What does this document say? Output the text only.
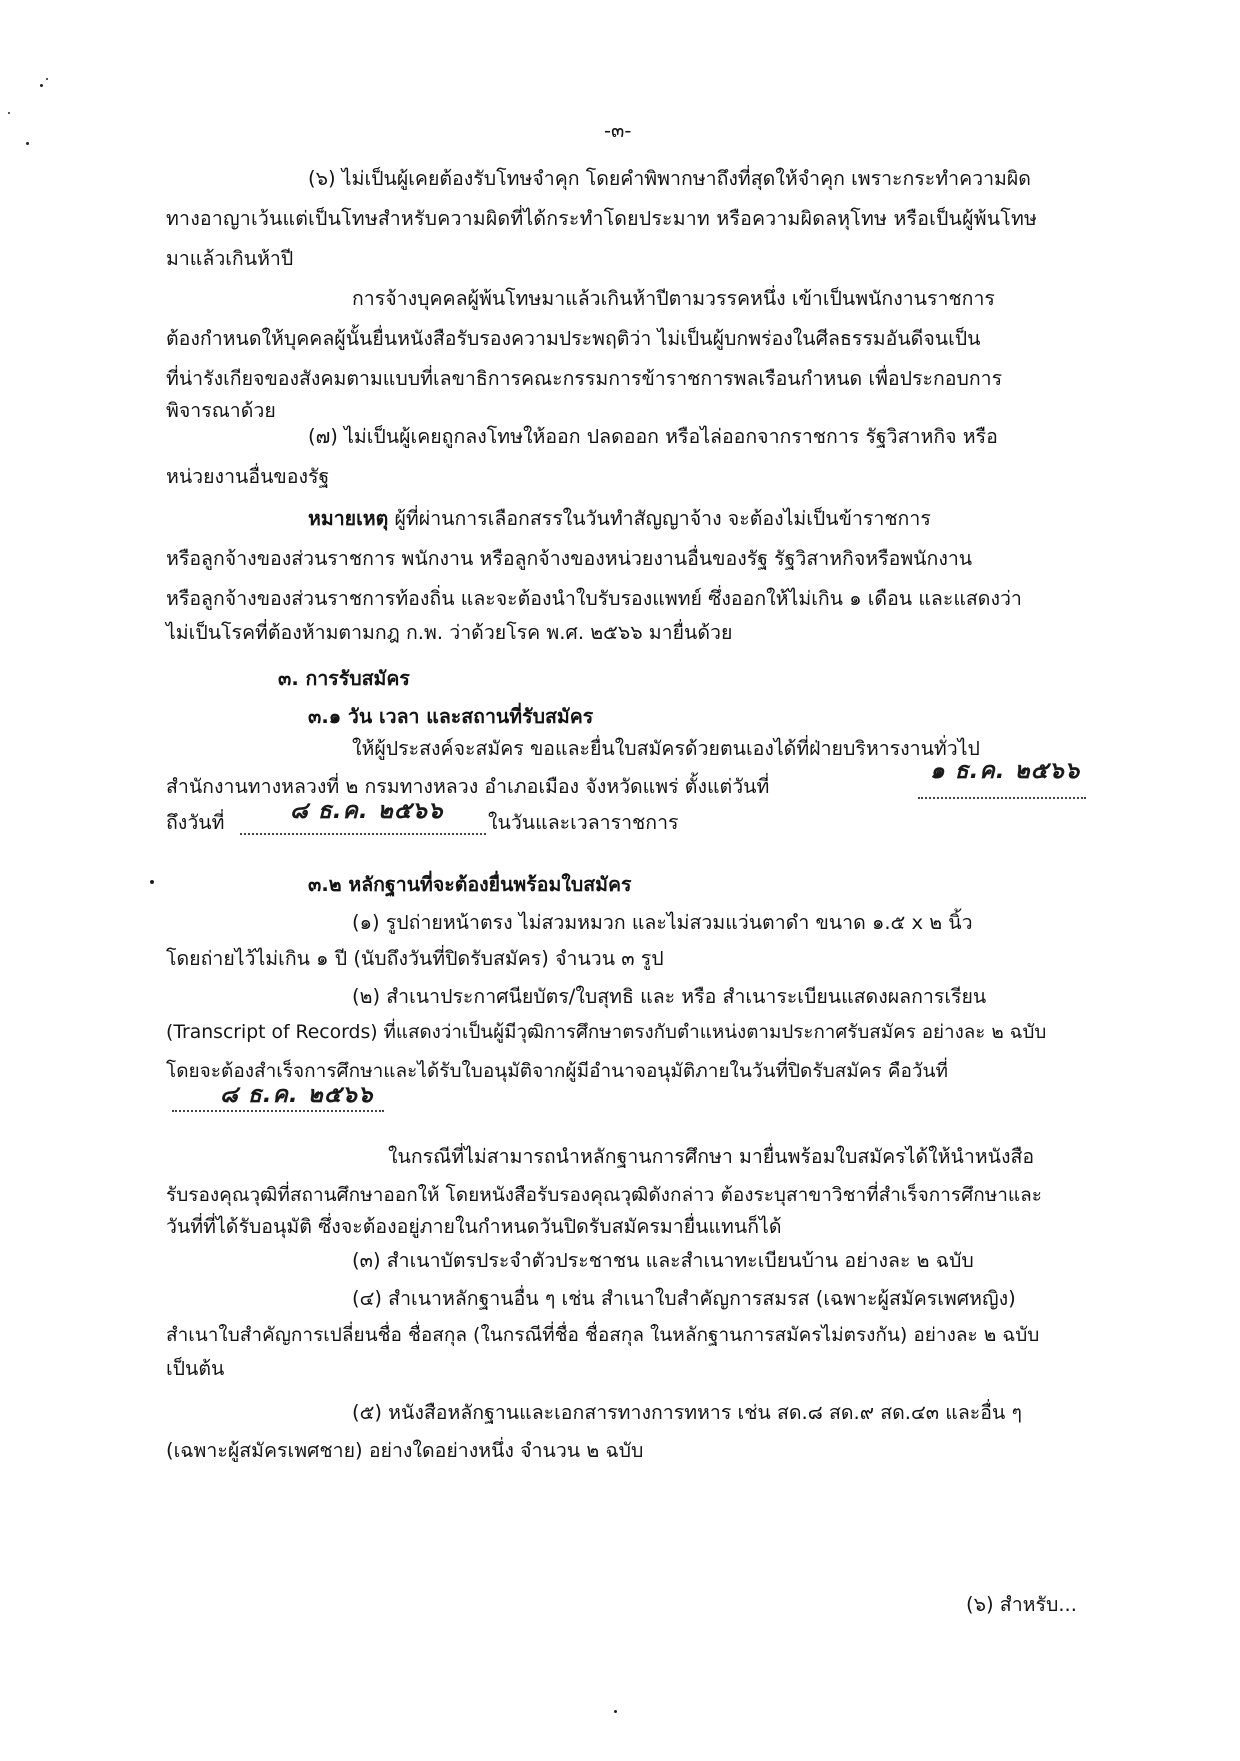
-๓-
(๖) ไม่เป็นผู้เคยต้องรับโทษจำคุก โดยคำพิพากษาถึงที่สุดให้จำคุก เพราะกระทำความผิด
ทางอาญาเว้นแต่เป็นโทษสำหรับความผิดที่ได้กระทำโดยประมาท หรือความผิดลหุโทษ หรือเป็นผู้พ้นโทษ
มาแล้วเกินห้าปี
การจ้างบุคคลผู้พ้นโทษมาแล้วเกินห้าปีตามวรรคหนึ่ง เข้าเป็นพนักงานราชการ
ต้องกำหนดให้บุคคลผู้นั้นยื่นหนังสือรับรองความประพฤติว่า ไม่เป็นผู้บกพร่องในศีลธรรมอันดีจนเป็น
ที่น่ารังเกียจของสังคมตามแบบที่เลขาธิการคณะกรรมการข้าราชการพลเรือนกำหนด เพื่อประกอบการ
พิจารณาด้วย
(๗) ไม่เป็นผู้เคยถูกลงโทษให้ออก ปลดออก หรือไล่ออกจากราชการ รัฐวิสาหกิจ หรือ
หน่วยงานอื่นของรัฐ
หมายเหตุ ผู้ที่ผ่านการเลือกสรรในวันทำสัญญาจ้าง จะต้องไม่เป็นข้าราชการ
หรือลูกจ้างของส่วนราชการ พนักงาน หรือลูกจ้างของหน่วยงานอื่นของรัฐ รัฐวิสาหกิจหรือพนักงาน
หรือลูกจ้างของส่วนราชการท้องถิ่น และจะต้องนำใบรับรองแพทย์ ซึ่งออกให้ไม่เกิน ๑ เดือน และแสดงว่า
ไม่เป็นโรคที่ต้องห้ามตามกฎ ก.พ. ว่าด้วยโรค พ.ศ. ๒๕๖๖ มายื่นด้วย
๓. การรับสมัคร
๓.๑ วัน เวลา และสถานที่รับสมัคร
ให้ผู้ประสงค์จะสมัคร ขอและยื่นใบสมัครด้วยตนเองได้ที่ฝ่ายบริหารงานทั่วไป
สำนักงานทางหลวงที่ ๒ กรมทางหลวง อำเภอเมือง จังหวัดแพร่ ตั้งแต่วันที่
๑ ธ.ค. ๒๕๖๖
ถึงวันที่	๘ ธ.ค. ๒๕๖๖ ในวันและเวลาราชการ
๓.๒ หลักฐานที่จะต้องยื่นพร้อมใบสมัคร
(๑) รูปถ่ายหน้าตรง ไม่สวมหมวก และไม่สวมแว่นตาดำ ขนาด ๑.๕ x ๒ นิ้ว
โดยถ่ายไว้ไม่เกิน ๑ ปี (นับถึงวันที่ปิดรับสมัคร) จำนวน ๓ รูป
(๒) สำเนาประกาศนียบัตร/ใบสุทธิ และ หรือ สำเนาระเบียนแสดงผลการเรียน
(Transcript of Records) ที่แสดงว่าเป็นผู้มีวุฒิการศึกษาตรงกับตำแหน่งตามประกาศรับสมัคร อย่างละ ๒ ฉบับ
โดยจะต้องสำเร็จการศึกษาและได้รับใบอนุมัติจากผู้มีอำนาจอนุมัติภายในวันที่ปิดรับสมัคร คือวันที่
๘ ธ.ค. ๒๕๖๖
ในกรณีที่ไม่สามารถนำหลักฐานการศึกษา มายื่นพร้อมใบสมัครได้ให้นำหนังสือ
รับรองคุณวุฒิที่สถานศึกษาออกให้ โดยหนังสือรับรองคุณวุฒิดังกล่าว ต้องระบุสาขาวิชาที่สำเร็จการศึกษาและ
วันที่ที่ได้รับอนุมัติ ซึ่งจะต้องอยู่ภายในกำหนดวันปิดรับสมัครมายื่นแทนก็ได้
(๓) สำเนาบัตรประจำตัวประชาชน และสำเนาทะเบียนบ้าน อย่างละ ๒ ฉบับ
(๔) สำเนาหลักฐานอื่น ๆ เช่น สำเนาใบสำคัญการสมรส (เฉพาะผู้สมัครเพศหญิง)
สำเนาใบสำคัญการเปลี่ยนชื่อ ชื่อสกุล (ในกรณีที่ชื่อ ชื่อสกุล ในหลักฐานการสมัครไม่ตรงกัน) อย่างละ ๒ ฉบับ
เป็นต้น
(๕) หนังสือหลักฐานและเอกสารทางการทหาร เช่น สด.๘ สด.๙ สด.๔๓ และอื่น ๆ
(เฉพาะผู้สมัครเพศชาย) อย่างใดอย่างหนึ่ง จำนวน ๒ ฉบับ
(๖) สำหรับ...
